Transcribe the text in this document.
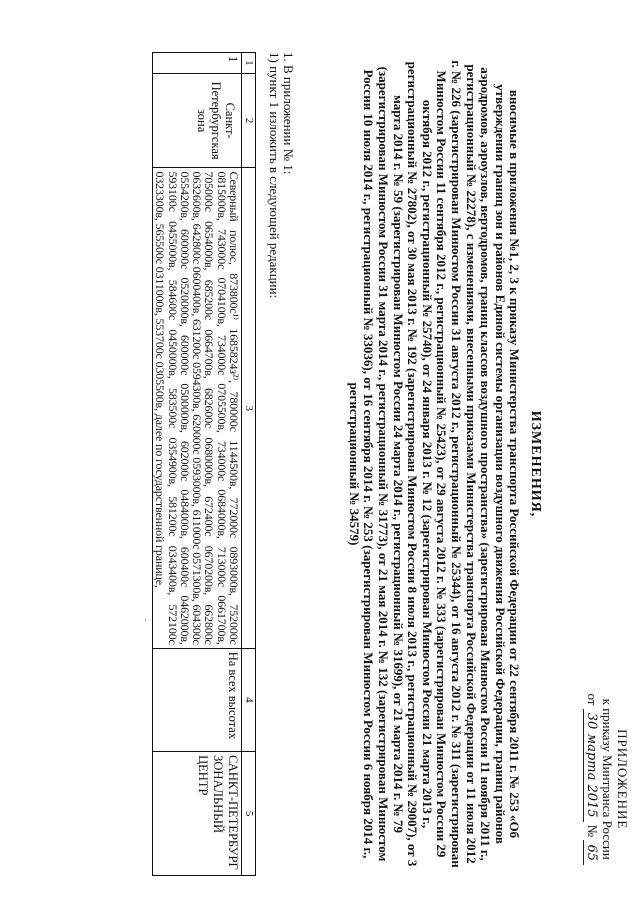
ПРИЛОЖЕНИЕ
к приказу Минтранса России
от 30 марта 2015 № 65
ИЗМЕНЕНИЯ,
вносимые в приложения №1, 2, 3 к приказу Министерства транспорта Российской Федерации от 22 сентября 2011 г. № 253 «Об утверждении границ зон и районов Единой системы организации воздушного движения Российской Федерации, границ районов аэродромов, аэроузлов, вертодромов, границ классов воздушного пространства» (зарегистрирован Минюстом России 11 ноября 2011 г., регистрационный № 22278), с изменениями, внесенными приказами Министерства транспорта Российской Федерации от 11 июля 2012 г. № 226 (зарегистрирован Минюстом России 31 августа 2012 г., регистрационный № 25344), от 16 августа 2012 г. № 311 (зарегистрирован Минюстом России 11 сентября 2012 г., регистрационный № 25423), от 29 августа 2012 г. № 333 (зарегистрирован Минюстом России 29 октября 2012 г., регистрационный № 25740), от 24 января 2013 г. № 12 (зарегистрирован Минюстом России 21 марта 2013 г., регистрационный № 27802), от 30 мая 2013 г. № 192 (зарегистрирован Минюстом России 8 июля 2013 г., регистрационный № 29007), от 3 марта 2014 г. № 59 (зарегистрирован Минюстом России 24 марта 2014 г., регистрационный № 31699), от 21 марта 2014 г. № 79 (зарегистрирован Минюстом России 31 марта 2014 г., регистрационный № 31773), от 21 мая 2014 г. № 132 (зарегистрирован Минюстом России 10 июля 2014 г., регистрационный № 33036), от 16 сентября 2014 г. № 253 (зарегистрирован Минюстом России 6 ноября 2014 г., регистрационный № 34579)
1. В приложении № 1:
1) пункт 1 изложить в следующей редакции:
1	2	3	4	5
1	Санкт-Петербургская зона	Северный полюс, 873800с¹⁾ 1685824з²⁾, 780000с 1144500в, 772000с 0893000в, 752000с 0815000в, 743000с 0704100в, 734000с 0705500в, 734000с 0684000в, 713000с 0661700в, 705000с 0654000в, 685200с 0664700в, 682600с 0680000в, 672400с 0670200в, 662800с 0632600в, 642800с 0600400в, 631200с 0594300в, 620000с 0593000в, 611000с 0571300в, 604300с 0554200в, 600000с 0520000в, 600000с 0500000в, 602000с 0484000в, 600400с 0462000в, 593100с 0455000в, 584600с 0450000в, 583500с 0354900в, 581200с 0343400в, 572100с 0323300в, 565500с 0311000в, 553700с 0305500в, далее по государственной границе,	На всех высотах	САНКТ-ПЕТЕРБУРГ ЗОНАЛЬНЫЙ ЦЕНТР
ˇ
